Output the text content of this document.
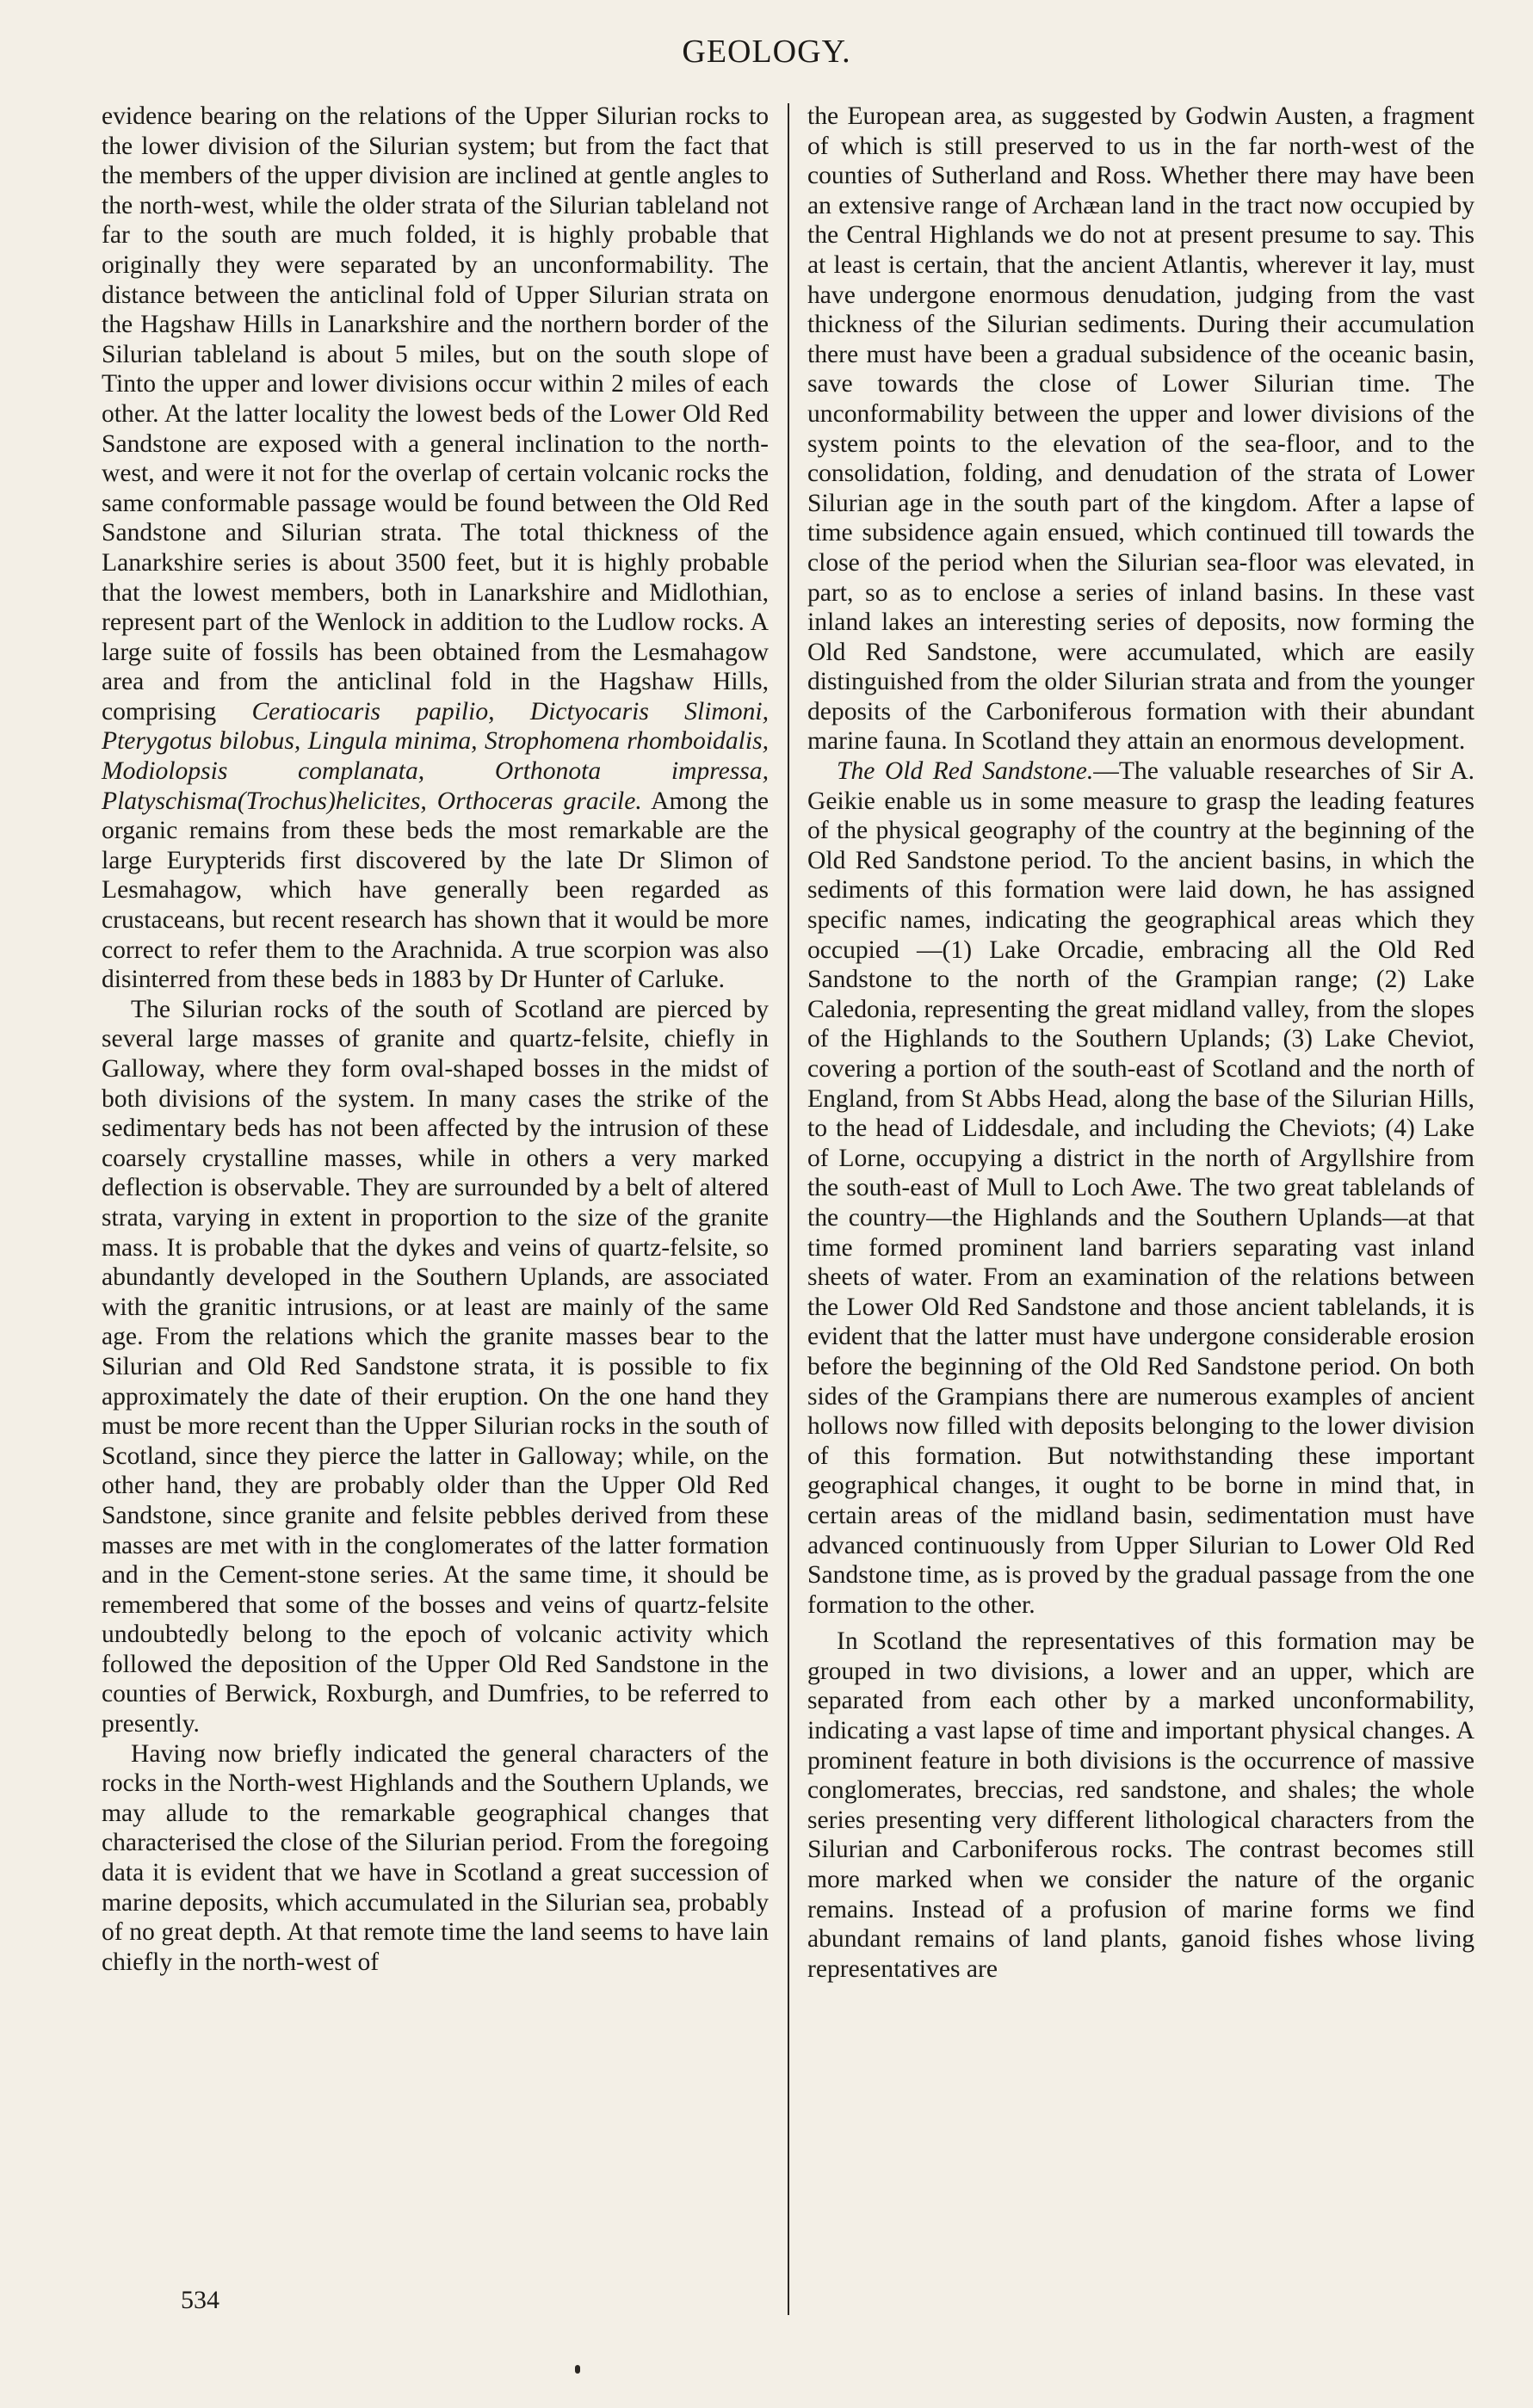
GEOLOGY.

evidence bearing on the relations of the Upper Silurian rocks to the lower division of the Silurian system; but from the fact that the members of the upper division are inclined at gentle angles to the north-west, while the older strata of the Silurian tableland not far to the south are much folded, it is highly probable that originally they were separated by an unconformability. The distance between the anticlinal fold of Upper Silurian strata on the Hagshaw Hills in Lanarkshire and the northern border of the Silurian tableland is about 5 miles, but on the south slope of Tinto the upper and lower divisions occur within 2 miles of each other. At the latter locality the lowest beds of the Lower Old Red Sandstone are exposed with a general inclination to the north-west, and were it not for the overlap of certain volcanic rocks the same conformable passage would be found between the Old Red Sandstone and Silurian strata. The total thickness of the Lanarkshire series is about 3500 feet, but it is highly probable that the lowest members, both in Lanarkshire and Midlothian, represent part of the Wenlock in addition to the Ludlow rocks. A large suite of fossils has been obtained from the Lesmahagow area and from the anticlinal fold in the Hagshaw Hills, comprising Ceratiocaris papilio, Dictyocaris Slimoni, Pterygotus bilobus, Lingula minima, Strophomena rhomboidalis, Modiolopsis complanata, Orthonota impressa, Platyschisma(Trochus)helicites, Orthoceras gracile. Among the organic remains from these beds the most remarkable are the large Eurypterids first discovered by the late Dr Slimon of Lesmahagow, which have generally been regarded as crustaceans, but recent research has shown that it would be more correct to refer them to the Arachnida. A true scorpion was also disinterred from these beds in 1883 by Dr Hunter of Carluke.

The Silurian rocks of the south of Scotland are pierced by several large masses of granite and quartz-felsite, chiefly in Galloway, where they form oval-shaped bosses in the midst of both divisions of the system. In many cases the strike of the sedimentary beds has not been affected by the intrusion of these coarsely crystalline masses, while in others a very marked deflection is observable. They are surrounded by a belt of altered strata, varying in extent in proportion to the size of the granite mass. It is probable that the dykes and veins of quartz-felsite, so abundantly developed in the Southern Uplands, are associated with the granitic intrusions, or at least are mainly of the same age. From the relations which the granite masses bear to the Silurian and Old Red Sandstone strata, it is possible to fix approximately the date of their eruption. On the one hand they must be more recent than the Upper Silurian rocks in the south of Scotland, since they pierce the latter in Galloway; while, on the other hand, they are probably older than the Upper Old Red Sandstone, since granite and felsite pebbles derived from these masses are met with in the conglomerates of the latter formation and in the Cement-stone series. At the same time, it should be remembered that some of the bosses and veins of quartz-felsite undoubtedly belong to the epoch of volcanic activity which followed the deposition of the Upper Old Red Sandstone in the counties of Berwick, Roxburgh, and Dumfries, to be referred to presently.

Having now briefly indicated the general characters of the rocks in the North-west Highlands and the Southern Uplands, we may allude to the remarkable geographical changes that characterised the close of the Silurian period. From the foregoing data it is evident that we have in Scotland a great succession of marine deposits, which accumulated in the Silurian sea, probably of no great depth. At that remote time the land seems to have lain chiefly in the north-west of

the European area, as suggested by Godwin Austen, a fragment of which is still preserved to us in the far north-west of the counties of Sutherland and Ross. Whether there may have been an extensive range of Archæan land in the tract now occupied by the Central Highlands we do not at present presume to say. This at least is certain, that the ancient Atlantis, wherever it lay, must have undergone enormous denudation, judging from the vast thickness of the Silurian sediments. During their accumulation there must have been a gradual subsidence of the oceanic basin, save towards the close of Lower Silurian time. The unconformability between the upper and lower divisions of the system points to the elevation of the sea-floor, and to the consolidation, folding, and denudation of the strata of Lower Silurian age in the south part of the kingdom. After a lapse of time subsidence again ensued, which continued till towards the close of the period when the Silurian sea-floor was elevated, in part, so as to enclose a series of inland basins. In these vast inland lakes an interesting series of deposits, now forming the Old Red Sandstone, were accumulated, which are easily distinguished from the older Silurian strata and from the younger deposits of the Carboniferous formation with their abundant marine fauna. In Scotland they attain an enormous development.

The Old Red Sandstone.—The valuable researches of Sir A. Geikie enable us in some measure to grasp the leading features of the physical geography of the country at the beginning of the Old Red Sandstone period. To the ancient basins, in which the sediments of this formation were laid down, he has assigned specific names, indicating the geographical areas which they occupied —(1) Lake Orcadie, embracing all the Old Red Sandstone to the north of the Grampian range; (2) Lake Caledonia, representing the great midland valley, from the slopes of the Highlands to the Southern Uplands; (3) Lake Cheviot, covering a portion of the south-east of Scotland and the north of England, from St Abbs Head, along the base of the Silurian Hills, to the head of Liddesdale, and including the Cheviots; (4) Lake of Lorne, occupying a district in the north of Argyllshire from the south-east of Mull to Loch Awe. The two great tablelands of the country—the Highlands and the Southern Uplands—at that time formed prominent land barriers separating vast inland sheets of water. From an examination of the relations between the Lower Old Red Sandstone and those ancient tablelands, it is evident that the latter must have undergone considerable erosion before the beginning of the Old Red Sandstone period. On both sides of the Grampians there are numerous examples of ancient hollows now filled with deposits belonging to the lower division of this formation. But notwithstanding these important geographical changes, it ought to be borne in mind that, in certain areas of the midland basin, sedimentation must have advanced continuously from Upper Silurian to Lower Old Red Sandstone time, as is proved by the gradual passage from the one formation to the other.

In Scotland the representatives of this formation may be grouped in two divisions, a lower and an upper, which are separated from each other by a marked unconformability, indicating a vast lapse of time and important physical changes. A prominent feature in both divisions is the occurrence of massive conglomerates, breccias, red sandstone, and shales; the whole series presenting very different lithological characters from the Silurian and Carboniferous rocks. The contrast becomes still more marked when we consider the nature of the organic remains. Instead of a profusion of marine forms we find abundant remains of land plants, ganoid fishes whose living representatives are

534
